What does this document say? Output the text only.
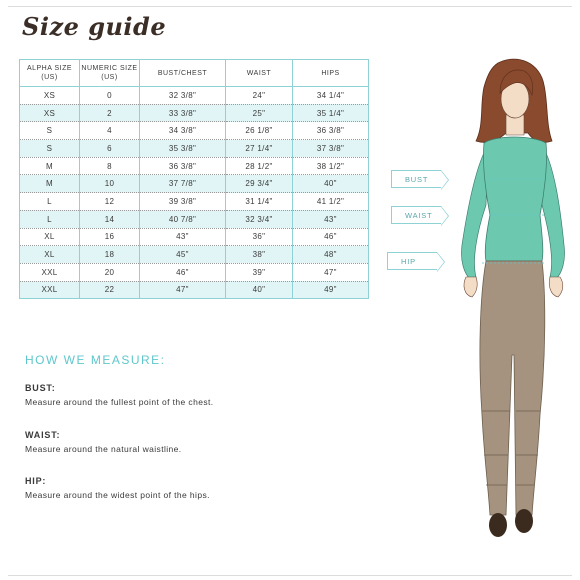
Size guide
ALPHA SIZE (US)	NUMERIC SIZE (US)	BUST/CHEST	WAIST	HIPS
XS	0	32 3/8"	24"	34 1/4"
XS	2	33 3/8"	25"	35 1/4"
S	4	34 3/8"	26 1/8"	36 3/8"
S	6	35 3/8"	27 1/4"	37 3/8"
M	8	36 3/8"	28 1/2"	38 1/2"
M	10	37 7/8"	29 3/4"	40"
L	12	39 3/8"	31 1/4"	41 1/2"
L	14	40 7/8"	32 3/4"	43"
XL	16	43"	36"	46"
XL	18	45"	38"	48"
XXL	20	46"	39"	47"
XXL	22	47"	40"	49"
HOW WE MEASURE:
BUST:
Measure around the fullest point of the chest.
WAIST:
Measure around the natural waistline.
HIP:
Measure around the widest point of the hips.
BUST
WAIST
HIP
